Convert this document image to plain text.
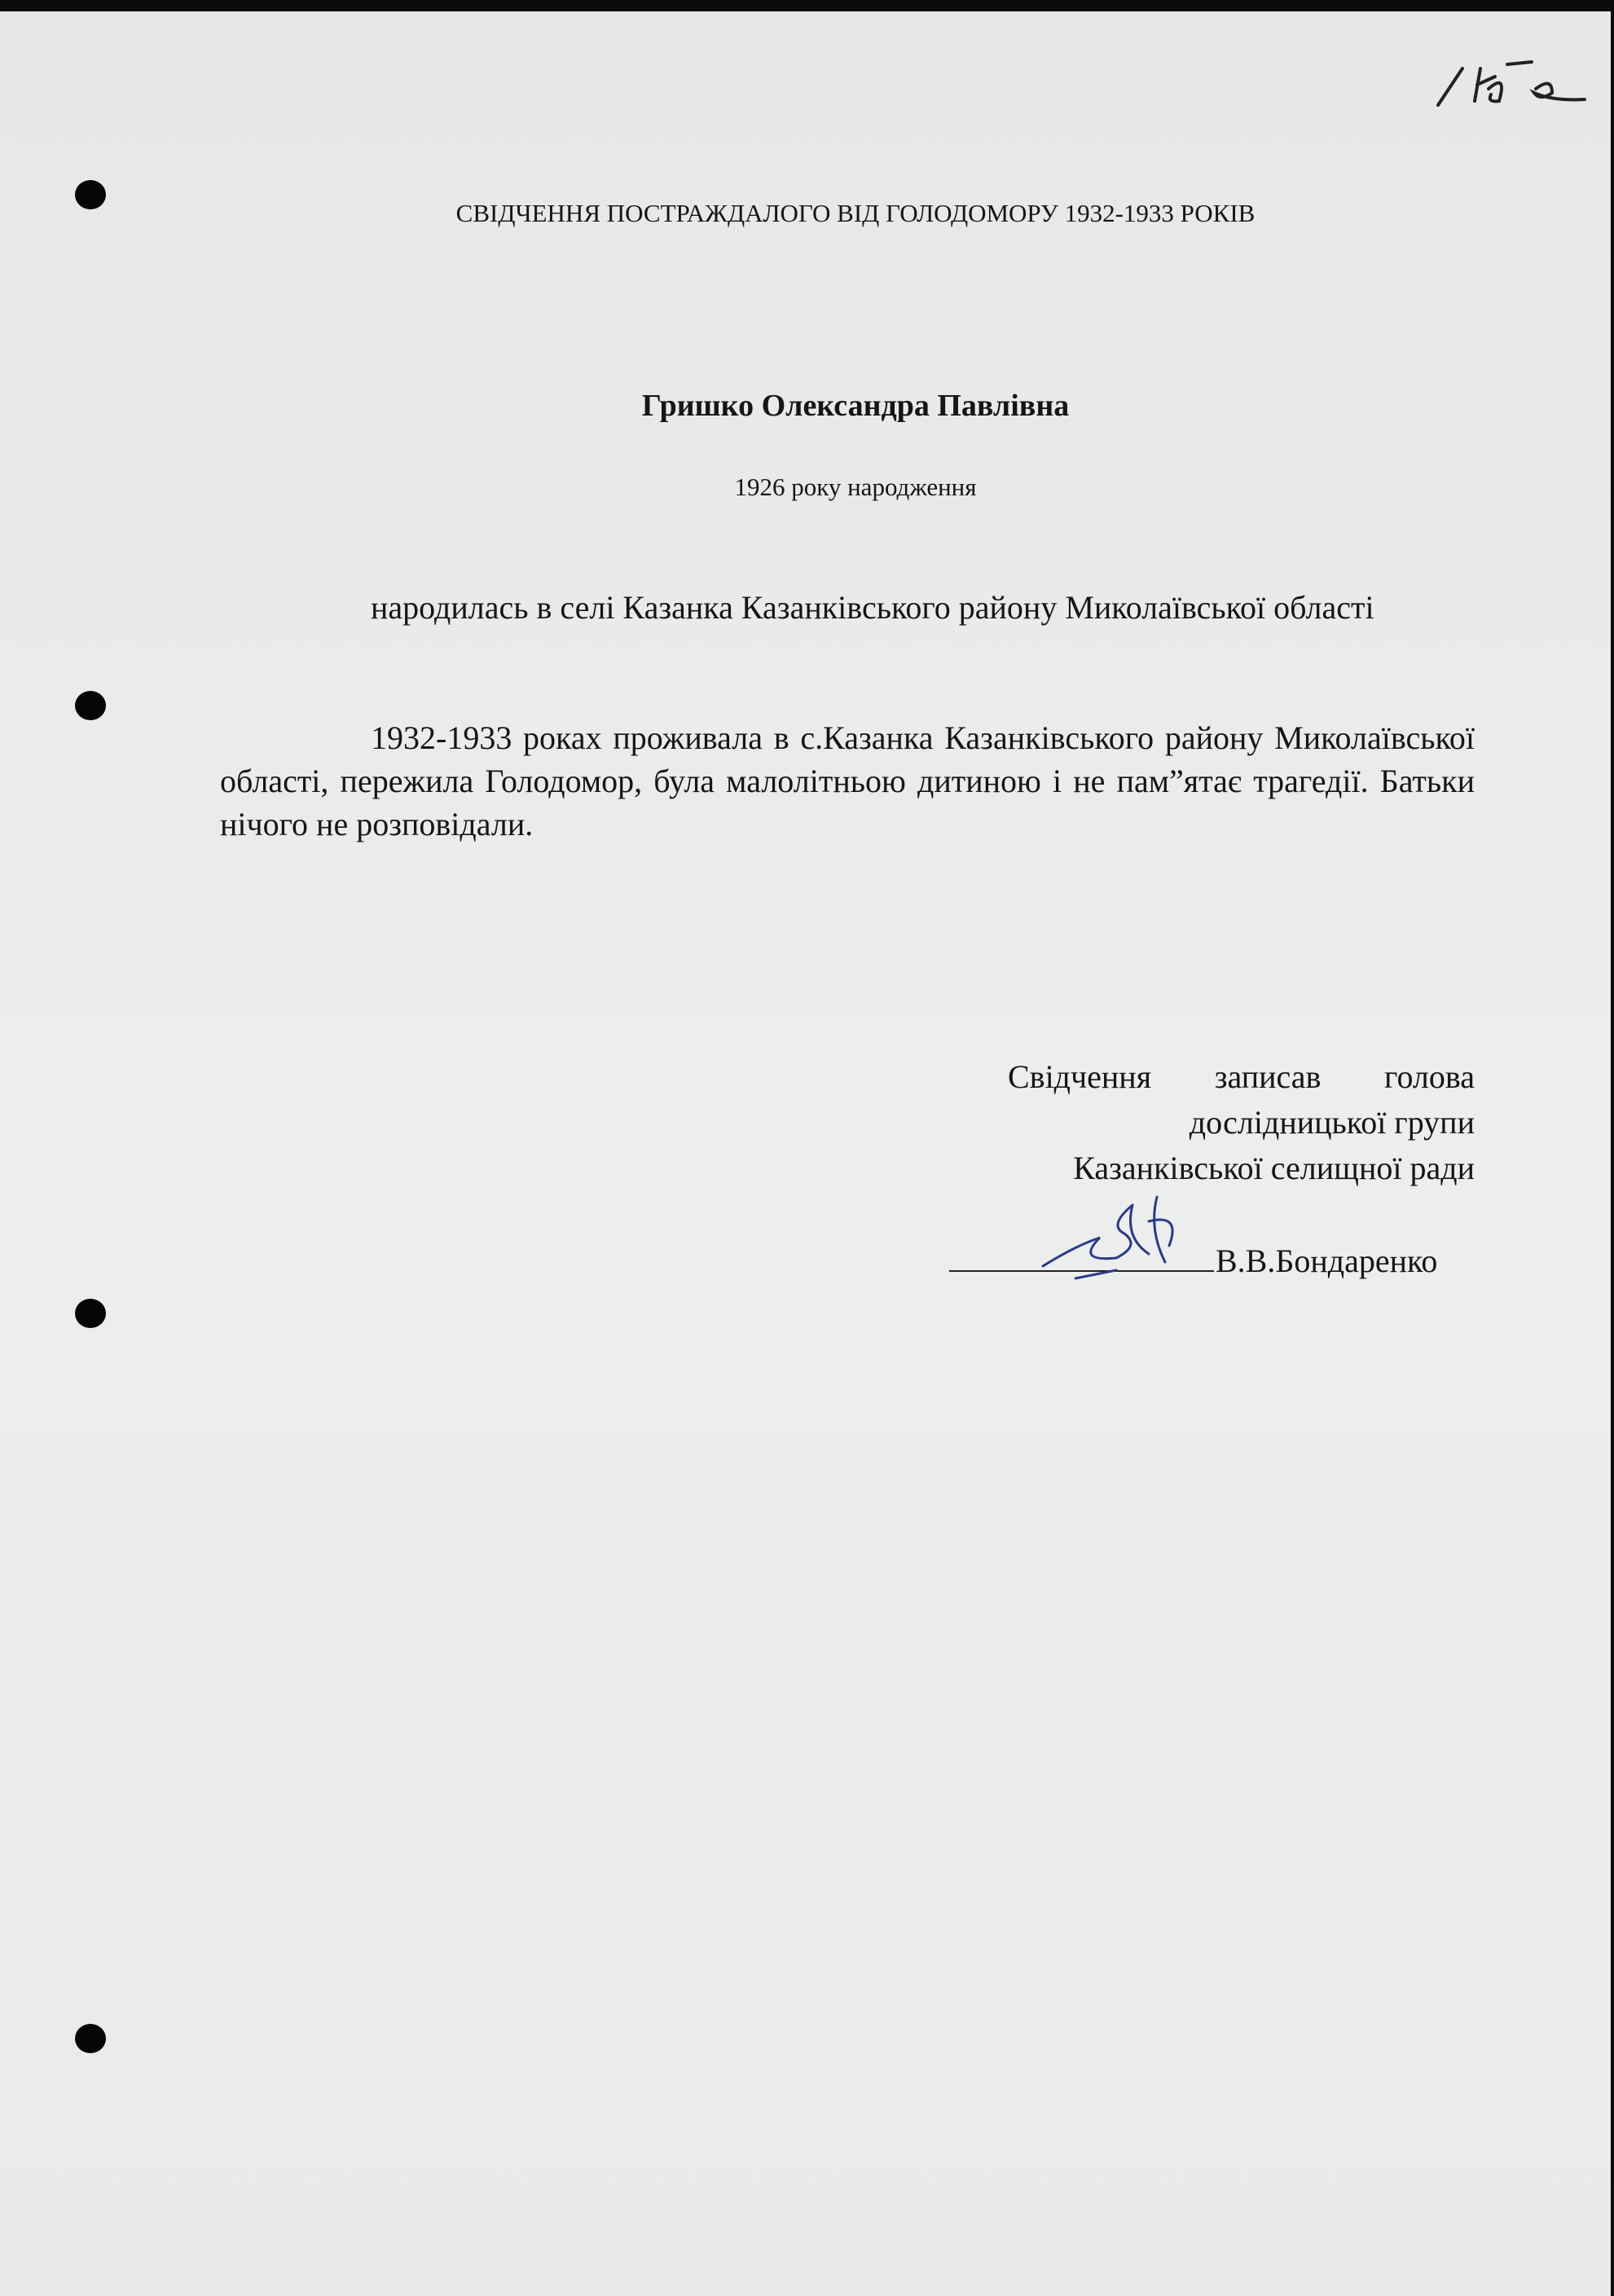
СВІДЧЕННЯ ПОСТРАЖДАЛОГО ВІД ГОЛОДОМОРУ 1932-1933 РОКІВ
Гришко Олександра Павлівна
1926 року народження
народилась в селі Казанка Казанківського району Миколаївської області
1932-1933 роках проживала в с.Казанка Казанківського району Миколаївської області, пережила Голодомор, була малолітньою дитиною і не пам”ятає трагедії. Батьки нічого не розповідали.
Свідчення записав голова дослідницької групи
Казанківської селищної ради
В.В.Бондаренко
